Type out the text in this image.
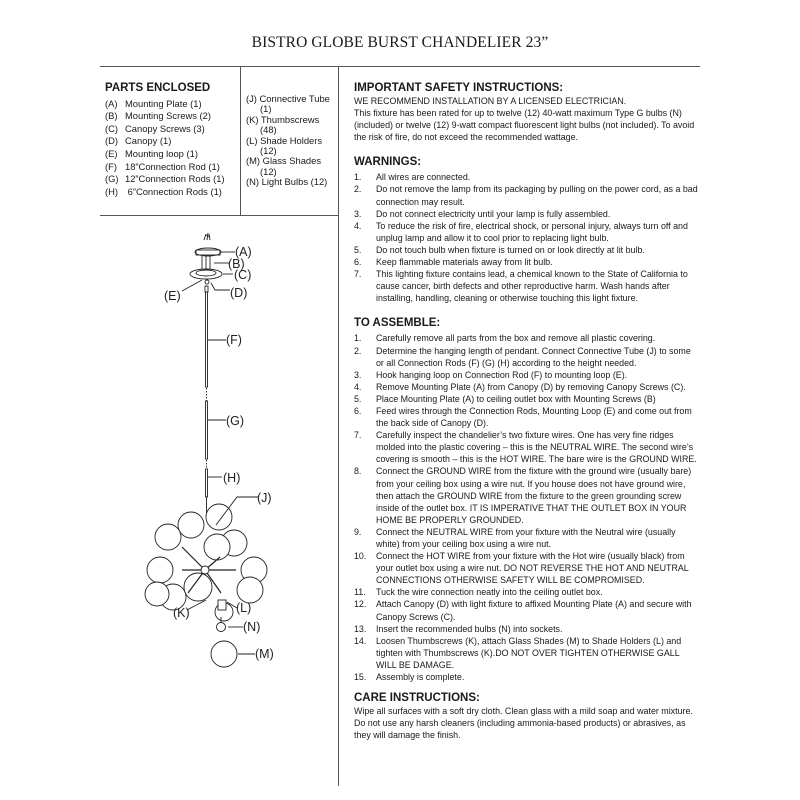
BISTRO GLOBE BURST CHANDELIER 23”
PARTS ENCLOSED
(A) Mounting Plate (1)
(B) Mounting Screws (2)
(C) Canopy Screws (3)
(D) Canopy (1)
(E) Mounting loop (1)
(F) 18”Connection Rod (1)
(G) 12”Connection Rods (1)
(H) 6”Connection Rods (1)
(J) Connective Tube (1)
(K) Thumbscrews (48)
(L) Shade Holders (12)
(M) Glass Shades (12)
(N) Light Bulbs (12)
(A)
(B)
(C)
(E)	(D)
(F)
(G)
(H)
(J)
(K)	(L)
(N)
(M)
IMPORTANT SAFETY INSTRUCTIONS:

WE RECOMMEND INSTALLATION BY A LICENSED ELECTRICIAN.

This fixture has been rated for up to twelve (12) 40-watt maximum Type G bulbs (N) (included) or twelve (12) 9-watt compact fluorescent light bulbs (not included). To avoid the risk of fire, do not exceed the recommended wattage.

WARNINGS:
1. All wires are connected.
2. Do not remove the lamp from its packaging by pulling on the power cord, as a bad connection may result.
3. Do not connect electricity until your lamp is fully assembled.
4. To reduce the risk of fire, electrical shock, or personal injury, always turn off and unplug lamp and allow it to cool prior to replacing light bulb.
5. Do not touch bulb when fixture is turned on or look directly at lit bulb.
6. Keep flammable materials away from lit bulb.
7. This lighting fixture contains lead, a chemical known to the State of California to cause cancer, birth defects and other reproductive harm. Wash hands after installing, handling, cleaning or otherwise touching this light fixture.
TO ASSEMBLE:
1. Carefully remove all parts from the box and remove all plastic covering.
2. Determine the hanging length of pendant. Connect Connective Tube (J) to some or all Connection Rods (F) (G) (H) according to the height needed.
3. Hook hanging loop on Connection Rod (F) to mounting loop (E).
4. Remove Mounting Plate (A) from Canopy (D) by removing Canopy Screws (C).
5. Place Mounting Plate (A) to ceiling outlet box with Mounting Screws (B)
6. Feed wires through the Connection Rods, Mounting Loop (E) and come out from the back side of Canopy (D).
7. Carefully inspect the chandelier’s two fixture wires. One has very fine ridges molded into the plastic covering – this is the NEUTRAL WIRE. The second wire’s covering is smooth – this is the HOT WIRE. The bare wire is the GROUND WIRE.
8. Connect the GROUND WIRE from the fixture with the ground wire (usually bare) from your ceiling box using a wire nut. If you house does not have ground wire, then attach the GROUND WIRE from the fixture to the green grounding screw inside of the outlet box. IT IS IMPERATIVE THAT THE OUTLET BOX IN YOUR HOME BE PROPERLY GROUNDED.
9. Connect the NEUTRAL WIRE from your fixture with the Neutral wire (usually white) from your ceiling box using a wire nut.
10. Connect the HOT WIRE from your fixture with the Hot wire (usually black) from your outlet box using a wire nut. DO NOT REVERSE THE HOT AND NEUTRAL CONNECTIONS OTHERWISE SAFETY WILL BE COMPROMISED.
11. Tuck the wire connection neatly into the ceiling outlet box.
12. Attach Canopy (D) with light fixture to affixed Mounting Plate (A) and secure with Canopy Screws (C).
13. Insert the recommended bulbs (N) into sockets.
14. Loosen Thumbscrews (K), attach Glass Shades (M) to Shade Holders (L) and tighten with Thumbscrews (K).DO NOT OVER TIGHTEN OTHERWISE GALL WILL BE DAMAGE.
15. Assembly is complete.
CARE INSTRUCTIONS:

Wipe all surfaces with a soft dry cloth. Clean glass with a mild soap and water mixture. Do not use any harsh cleaners (including ammonia-based products) or abrasives, as they will damage the finish.
